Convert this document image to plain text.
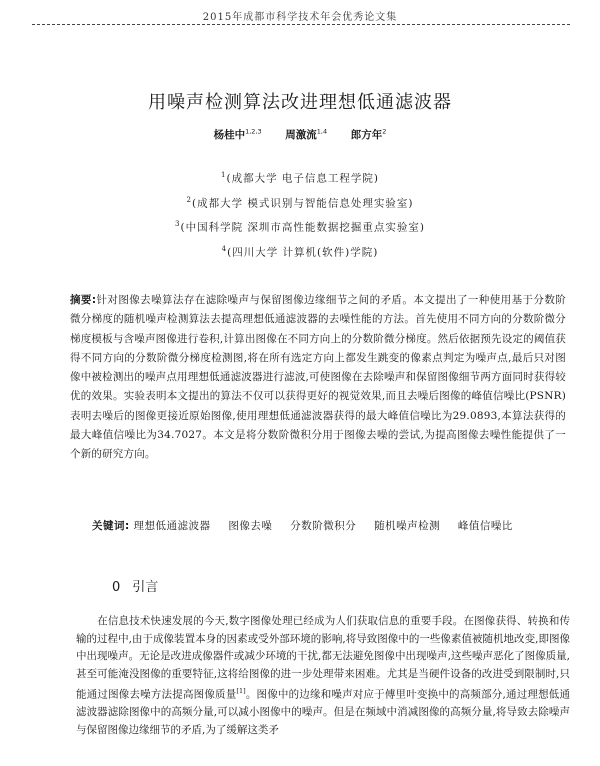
2015年成都市科学技术年会优秀论文集
用噪声检测算法改进理想低通滤波器
杨桂中$^{1,2,3}$ 周激流$^{1,4}$ 郎方年$^2$
$^1$(成都大学 电子信息工程学院)
$^2$(成都大学 模式识别与智能信息处理实验室)
$^3$(中国科学院 深圳市高性能数据挖掘重点实验室)
$^4$(四川大学 计算机(软件)学院)
摘要:针对图像去噪算法存在滤除噪声与保留图像边缘细节之间的矛盾。本文提出了一种使用基于分数阶微分梯度的随机噪声检测算法去提高理想低通滤波器的去噪性能的方法。首先使用不同方向的分数阶微分梯度模板与含噪声图像进行卷积,计算出图像在不同方向上的分数阶微分梯度。然后依据预先设定的阈值获得不同方向的分数阶微分梯度检测图,将在所有选定方向上都发生跳变的像素点判定为噪声点,最后只对图像中被检测出的噪声点用理想低通滤波器进行滤波,可使图像在去除噪声和保留图像细节两方面同时获得较优的效果。实验表明本文提出的算法不仅可以获得更好的视觉效果,而且去噪后图像的峰值信噪比(PSNR)表明去噪后的图像更接近原始图像,使用理想低通滤波器获得的最大峰值信噪比为29.0893,本算法获得的最大峰值信噪比为34.7027。本文是将分数阶微积分用于图像去噪的尝试,为提高图像去噪性能提供了一个新的研究方向。
关键词: 理想低通滤波器 图像去噪 分数阶微积分 随机噪声检测 峰值信噪比
0 引言
在信息技术快速发展的今天,数字图像处理已经成为人们获取信息的重要手段。在图像获得、转换和传输的过程中,由于成像装置本身的因素或受外部环境的影响,将导致图像中的一些像素值被随机地改变,即图像中出现噪声。无论是改进成像器件或减少环境的干扰,都无法避免图像中出现噪声,这些噪声恶化了图像质量,甚至可能淹没图像的重要特征,这将给图像的进一步处理带来困难。尤其是当硬件设备的改进受到限制时,只能通过图像去噪方法提高图像质量[1]。图像中的边缘和噪声对应于傅里叶变换中的高频部分,通过理想低通滤波器滤除图像中的高频分量,可以减小图像中的噪声。但是在频域中消减图像的高频分量,将导致去除噪声与保留图像边缘细节的矛盾,为了缓解这类矛
